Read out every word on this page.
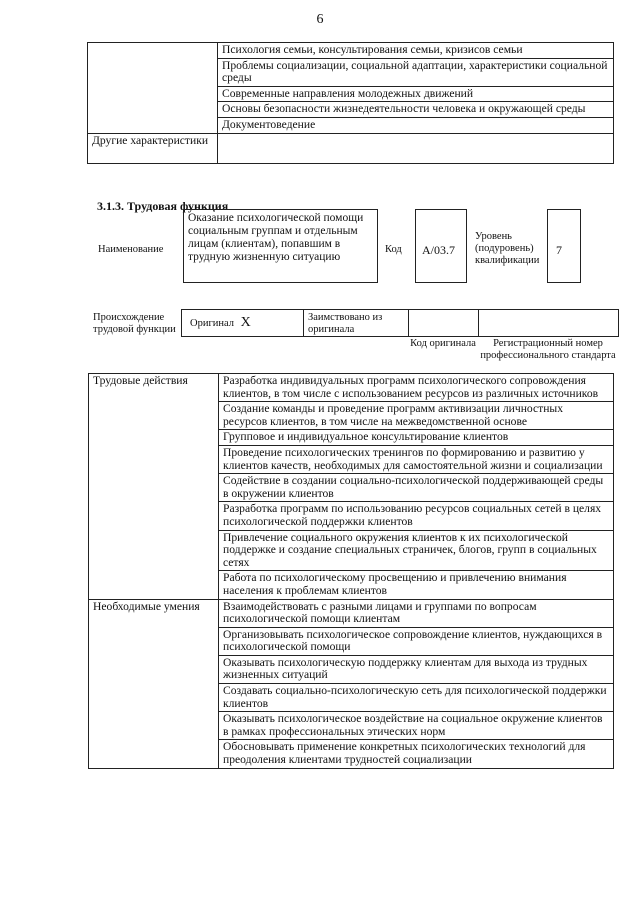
6
	Психология семьи, консультирования семьи, кризисов семьи
	Проблемы социализации, социальной адаптации, характеристики социальной среды
	Современные направления молодежных движений
	Основы безопасности жизнедеятельности человека и окружающей среды
	Документоведение
Другие характеристики	
3.1.3. Трудовая функция
Наименование
Оказание психологической помощи социальным группам и отдельным лицам (клиентам), попавшим в трудную жизненную ситуацию
Код	А/03.7
Уровень (подуровень) квалификации
7
Происхождение трудовой функции
Оригинал X	Заимствовано из оригинала
Код оригинала	Регистрационный номер профессионального стандарта
Трудовые действия	Разработка индивидуальных программ психологического сопровождения клиентов, в том числе с использованием ресурсов из различных источников
	Создание команды и проведение программ активизации личностных ресурсов клиентов, в том числе на межведомственной основе
	Групповое и индивидуальное консультирование клиентов
	Проведение психологических тренингов по формированию и развитию у клиентов качеств, необходимых для самостоятельной жизни и социализации
	Содействие в создании социально-психологической поддерживающей среды в окружении клиентов
	Разработка программ по использованию ресурсов социальных сетей в целях психологической поддержки клиентов
	Привлечение социального окружения клиентов к их психологической поддержке и создание специальных страничек, блогов, групп в социальных сетях
	Работа по психологическому просвещению и привлечению внимания населения к проблемам клиентов
Необходимые умения	Взаимодействовать с разными лицами и группами по вопросам психологической помощи клиентам
	Организовывать психологическое сопровождение клиентов, нуждающихся в психологической помощи
	Оказывать психологическую поддержку клиентам для выхода из трудных жизненных ситуаций
	Создавать социально-психологическую сеть для психологической поддержки клиентов
	Оказывать психологическое воздействие на социальное окружение клиентов в рамках профессиональных этических норм
	Обосновывать применение конкретных психологических технологий для преодоления клиентами трудностей социализации
